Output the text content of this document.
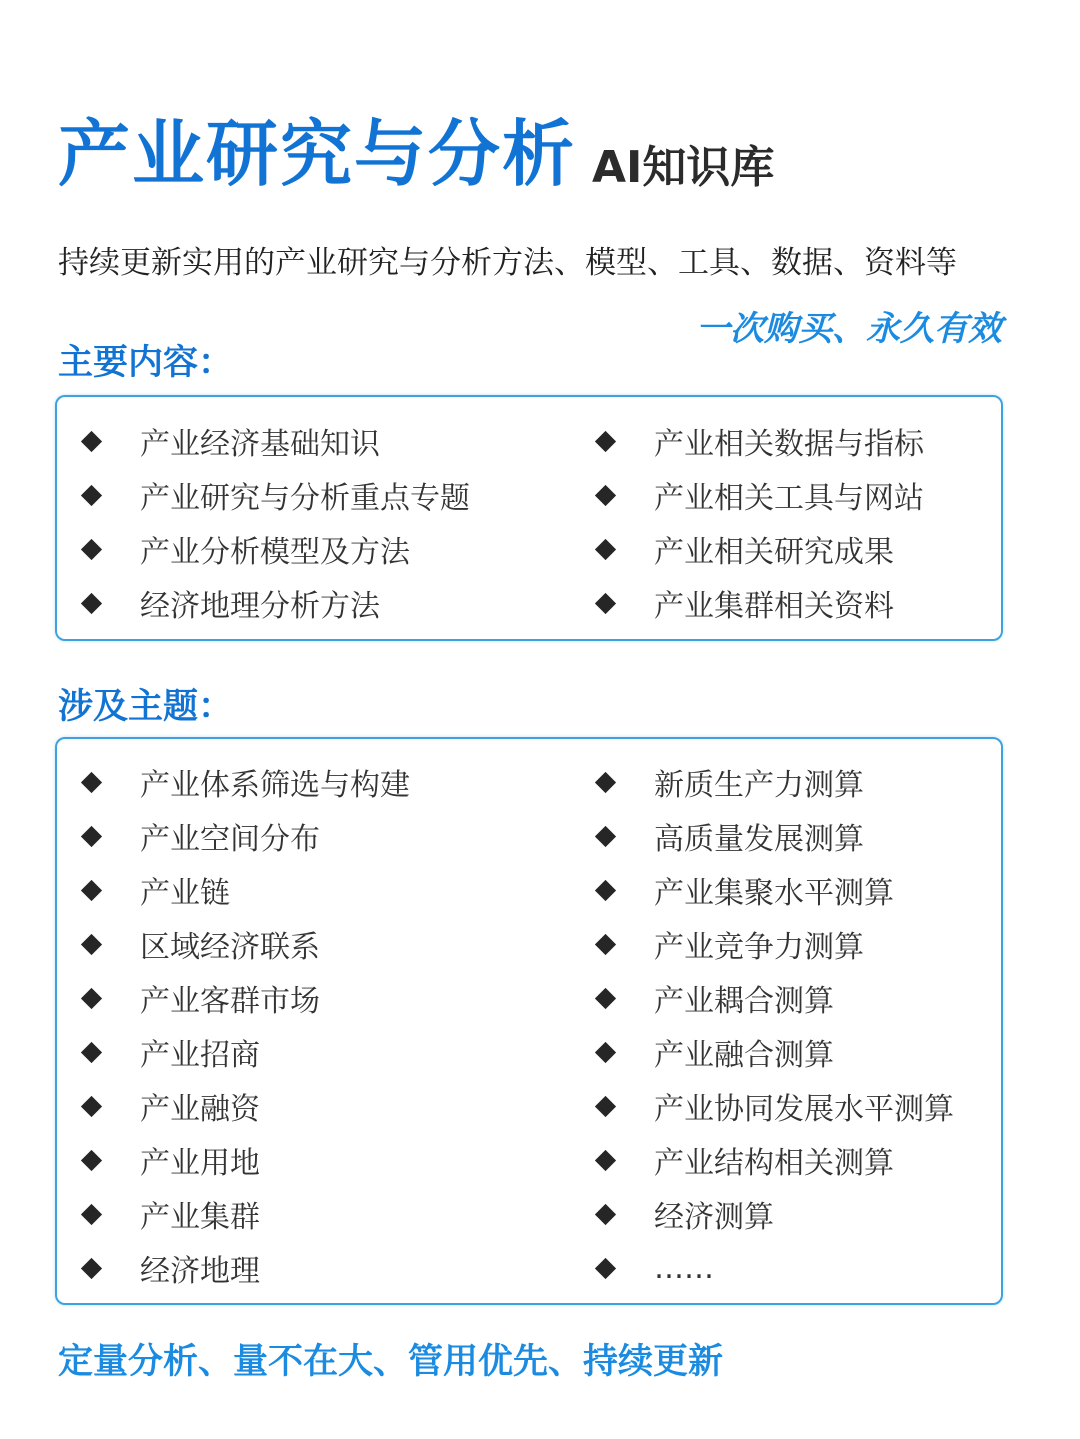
产业研究与分析 AI知识库
持续更新实用的产业研究与分析方法、模型、工具、数据、资料等
一次购买、永久有效
主要内容：
产业经济基础知识
产业研究与分析重点专题
产业分析模型及方法
经济地理分析方法
产业相关数据与指标
产业相关工具与网站
产业相关研究成果
产业集群相关资料
涉及主题：
产业体系筛选与构建
产业空间分布
产业链
区域经济联系
产业客群市场
产业招商
产业融资
产业用地
产业集群
经济地理
新质生产力测算
高质量发展测算
产业集聚水平测算
产业竞争力测算
产业耦合测算
产业融合测算
产业协同发展水平测算
产业结构相关测算
经济测算
……
定量分析、量不在大、管用优先、持续更新
